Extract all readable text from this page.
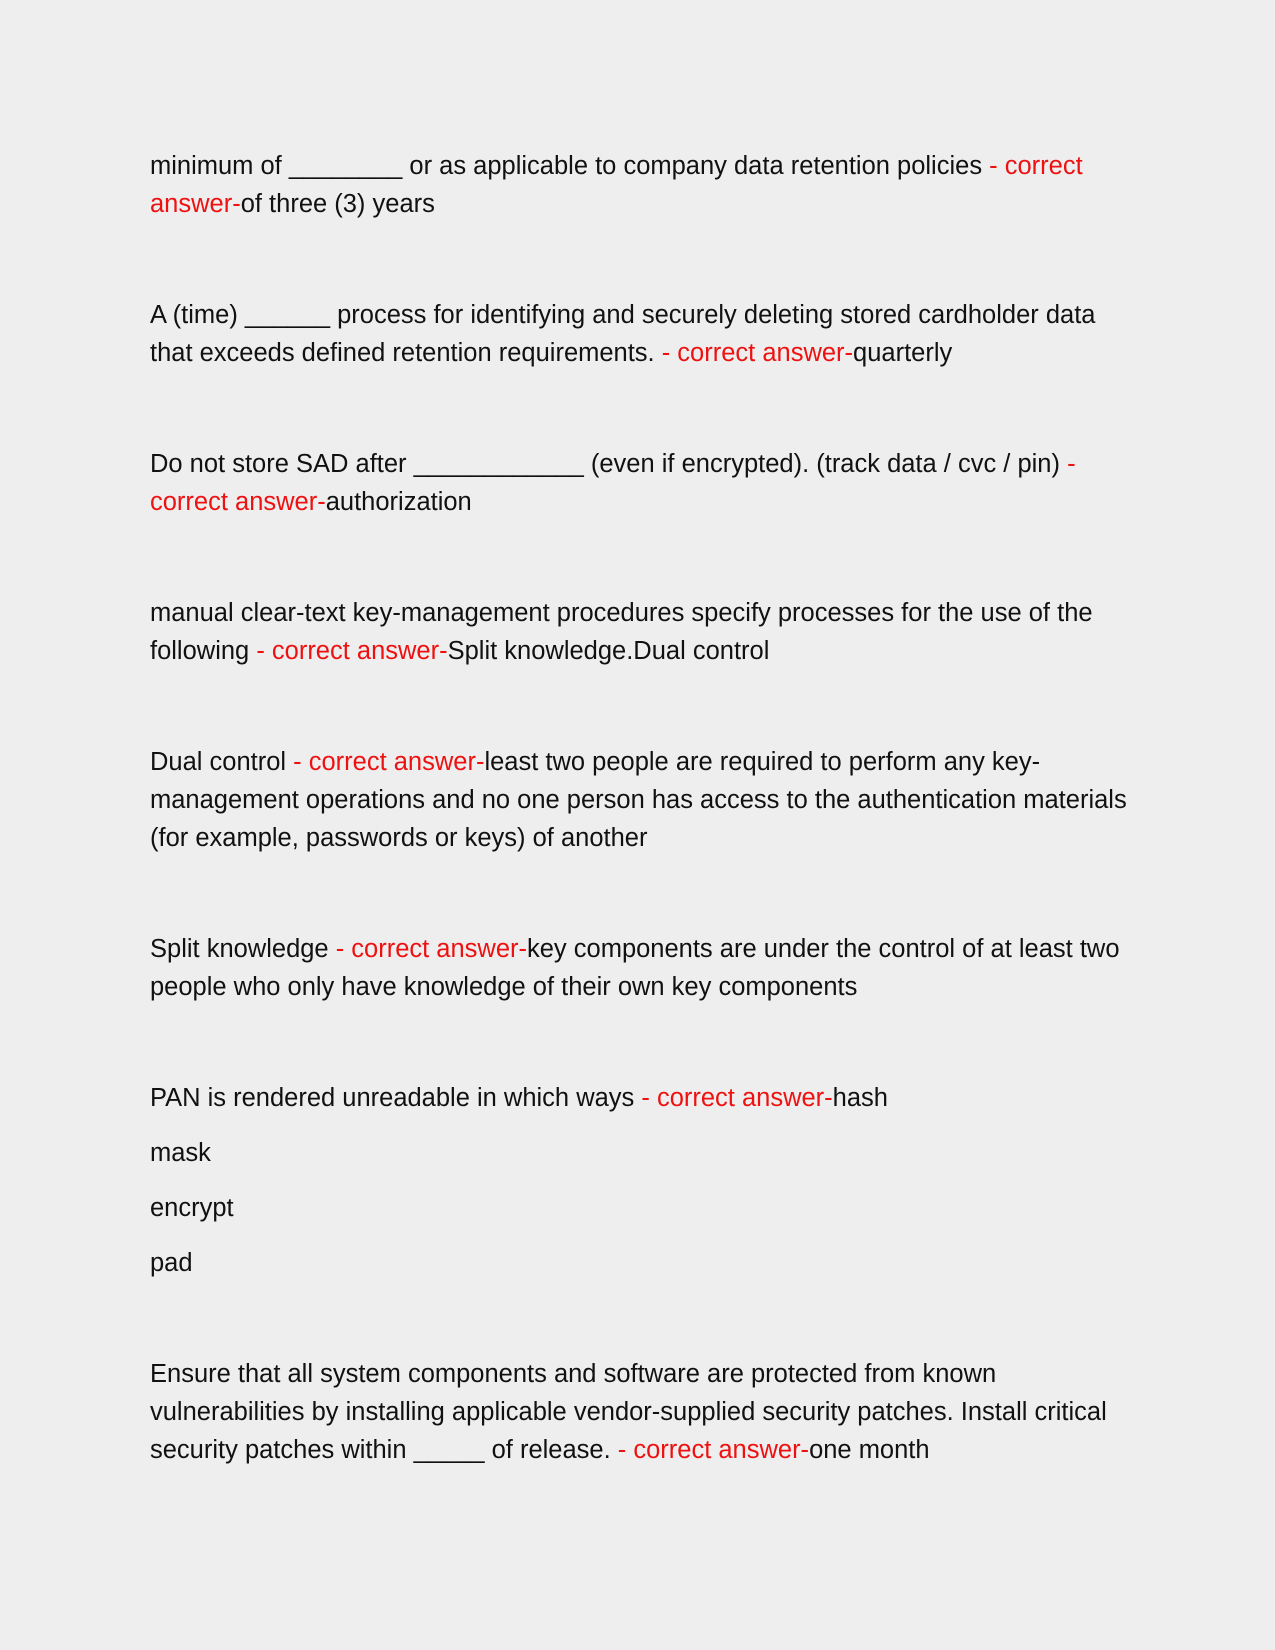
minimum of ________ or as applicable to company data retention policies - correct answer-of three (3) years

A (time) ______ process for identifying and securely deleting stored cardholder data that exceeds defined retention requirements. - correct answer-quarterly

Do not store SAD after ____________ (even if encrypted). (track data / cvc / pin) - correct answer-authorization

manual clear-text key-management procedures specify processes for the use of the following - correct answer-Split knowledge.Dual control

Dual control - correct answer-least two people are required to perform any key-management operations and no one person has access to the authentication materials (for example, passwords or keys) of another

Split knowledge - correct answer-key components are under the control of at least two people who only have knowledge of their own key components

PAN is rendered unreadable in which ways - correct answer-hash

mask

encrypt

pad

Ensure that all system components and software are protected from known vulnerabilities by installing applicable vendor-supplied security patches. Install critical security patches within _____ of release. - correct answer-one month
